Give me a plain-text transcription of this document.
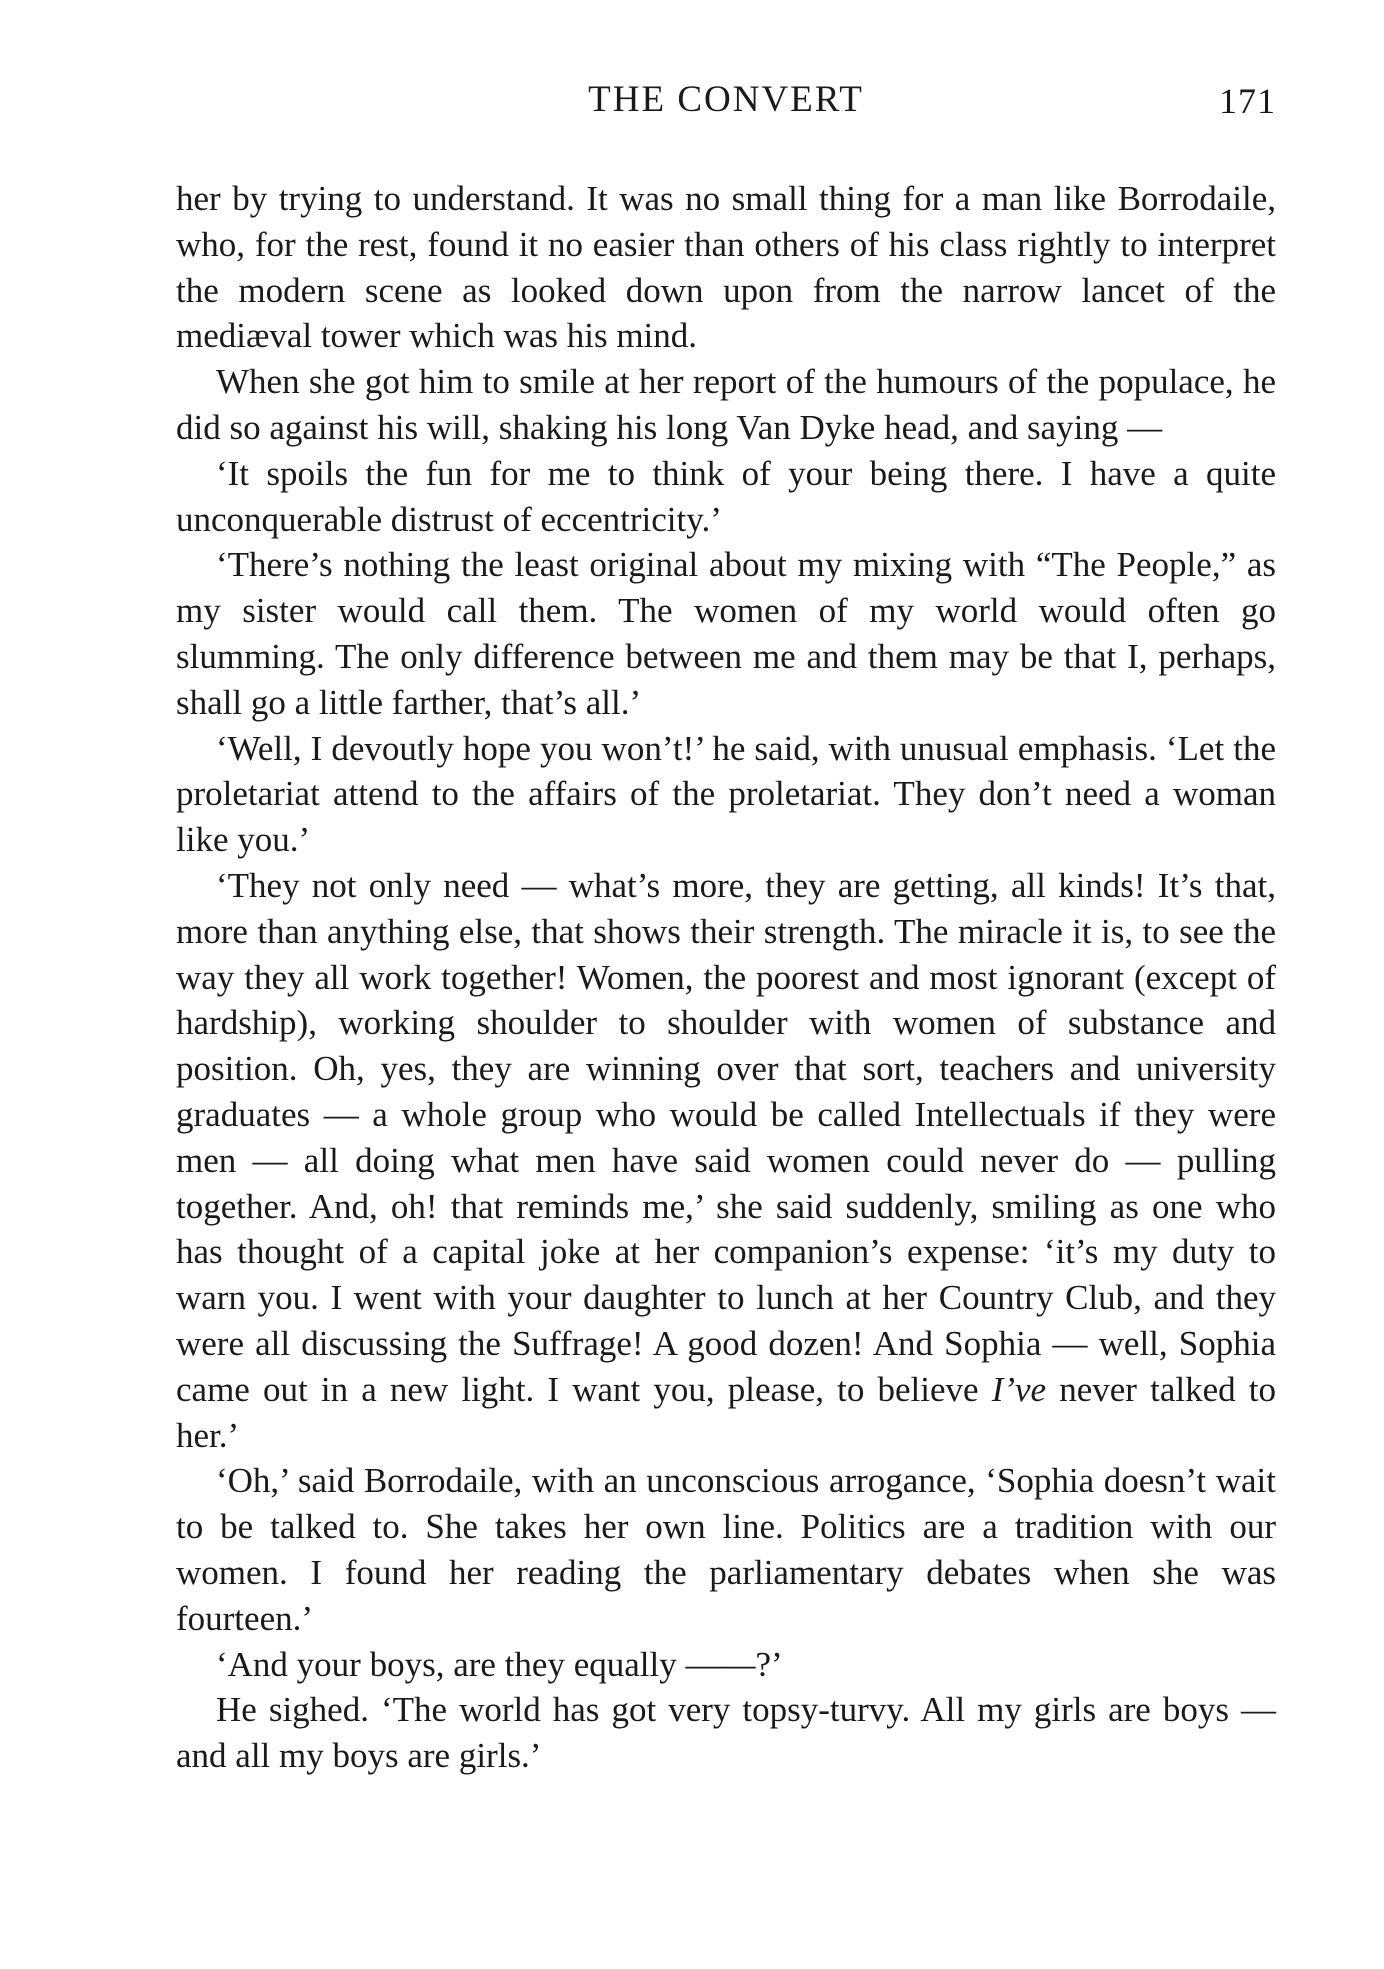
THE CONVERT	171

her by trying to understand. It was no small thing for a man like Borrodaile, who, for the rest, found it no easier than others of his class rightly to interpret the modern scene as looked down upon from the narrow lancet of the mediæval tower which was his mind.

When she got him to smile at her report of the humours of the populace, he did so against his will, shaking his long Van Dyke head, and saying —

‘It spoils the fun for me to think of your being there. I have a quite unconquerable distrust of eccentricity.’

‘There’s nothing the least original about my mixing with “The People,” as my sister would call them. The women of my world would often go slumming. The only difference between me and them may be that I, perhaps, shall go a little farther, that’s all.’

‘Well, I devoutly hope you won’t!’ he said, with unusual emphasis. ‘Let the proletariat attend to the affairs of the proletariat. They don’t need a woman like you.’

‘They not only need — what’s more, they are getting, all kinds! It’s that, more than anything else, that shows their strength. The miracle it is, to see the way they all work together! Women, the poorest and most ignorant (except of hardship), working shoulder to shoulder with women of substance and position. Oh, yes, they are winning over that sort, teachers and university graduates — a whole group who would be called Intellectuals if they were men — all doing what men have said women could never do — pulling together. And, oh! that reminds me,’ she said suddenly, smiling as one who has thought of a capital joke at her companion’s expense: ‘it’s my duty to warn you. I went with your daughter to lunch at her Country Club, and they were all discussing the Suffrage! A good dozen! And Sophia — well, Sophia came out in a new light. I want you, please, to believe I’ve never talked to her.’

‘Oh,’ said Borrodaile, with an unconscious arrogance, ‘Sophia doesn’t wait to be talked to. She takes her own line. Politics are a tradition with our women. I found her reading the parliamentary debates when she was fourteen.’

‘And your boys, are they equally ——?’

He sighed. ‘The world has got very topsy-turvy. All my girls are boys — and all my boys are girls.’
